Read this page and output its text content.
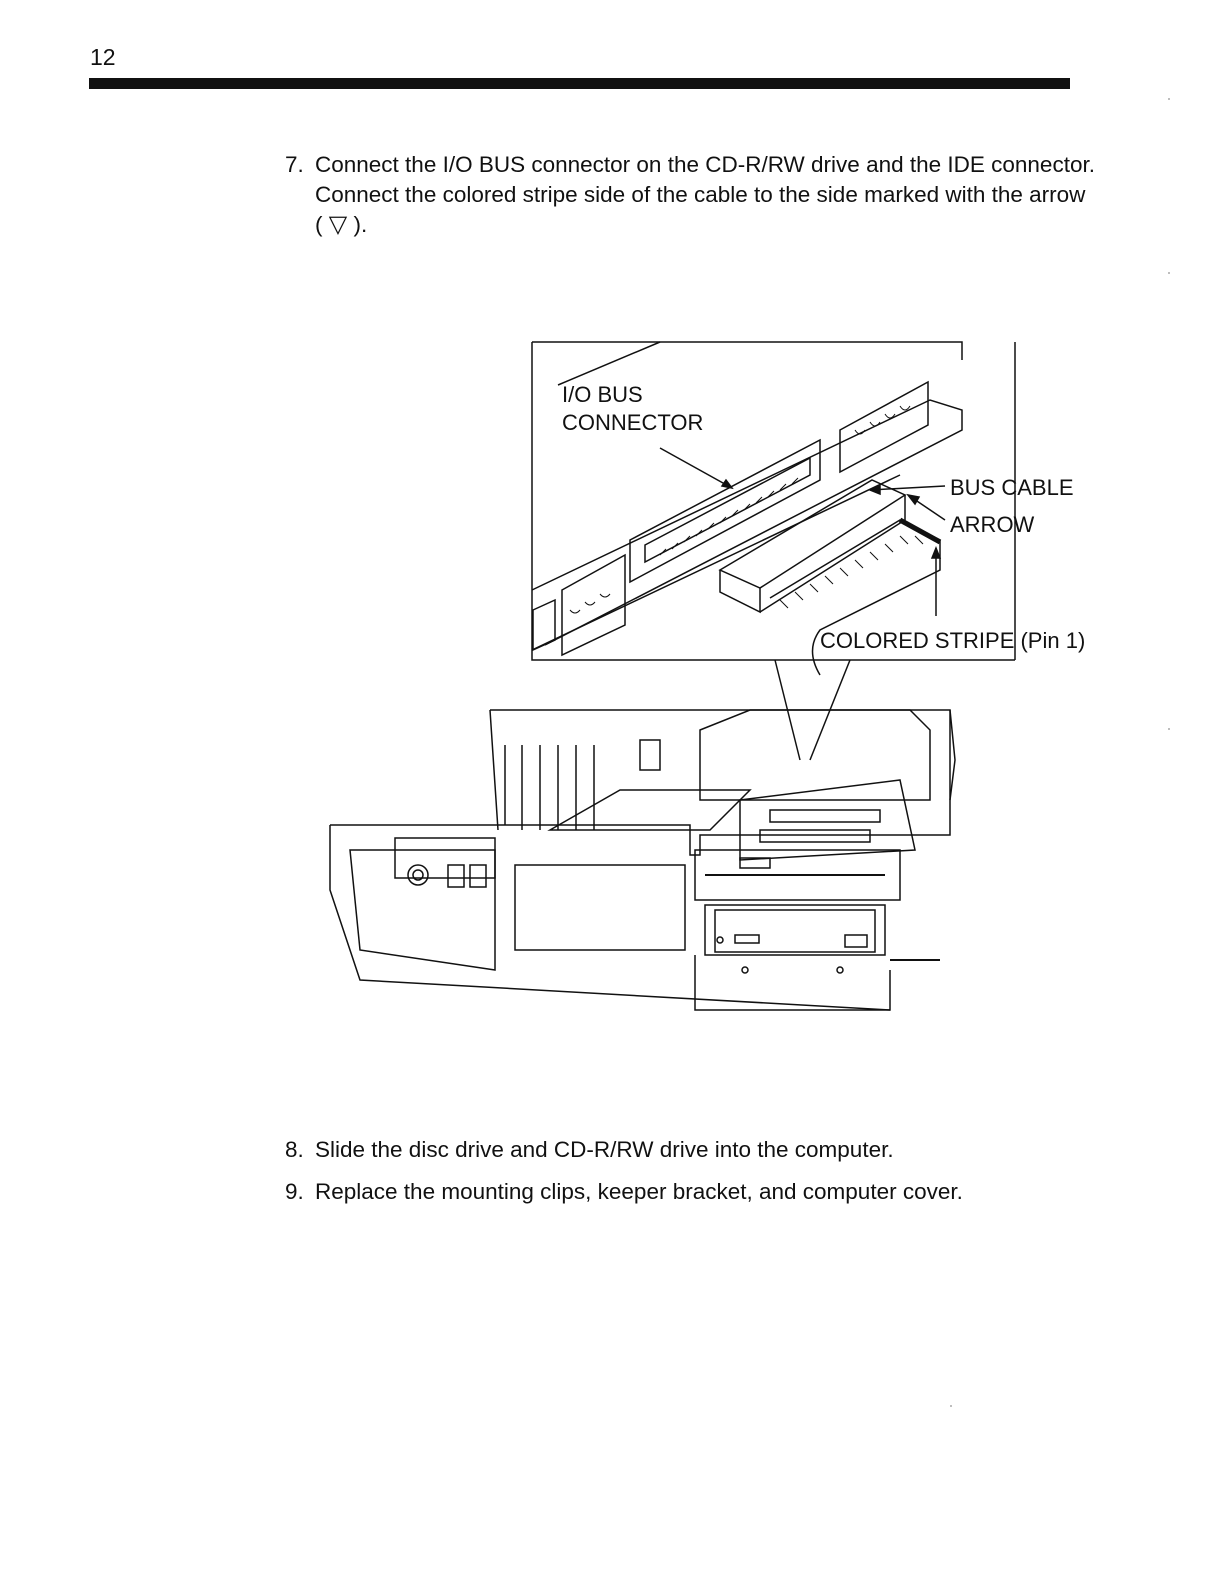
12
7. Connect the I/O BUS connector on the CD-R/RW drive and the IDE connector.
Connect the colored stripe side of the cable to the side marked with the arrow ( ▽ ).
I/O BUS
CONNECTOR
BUS CABLE
ARROW
COLORED STRIPE (Pin 1)
8. Slide the disc drive and CD-R/RW drive into the computer.
9. Replace the mounting clips, keeper bracket, and computer cover.
